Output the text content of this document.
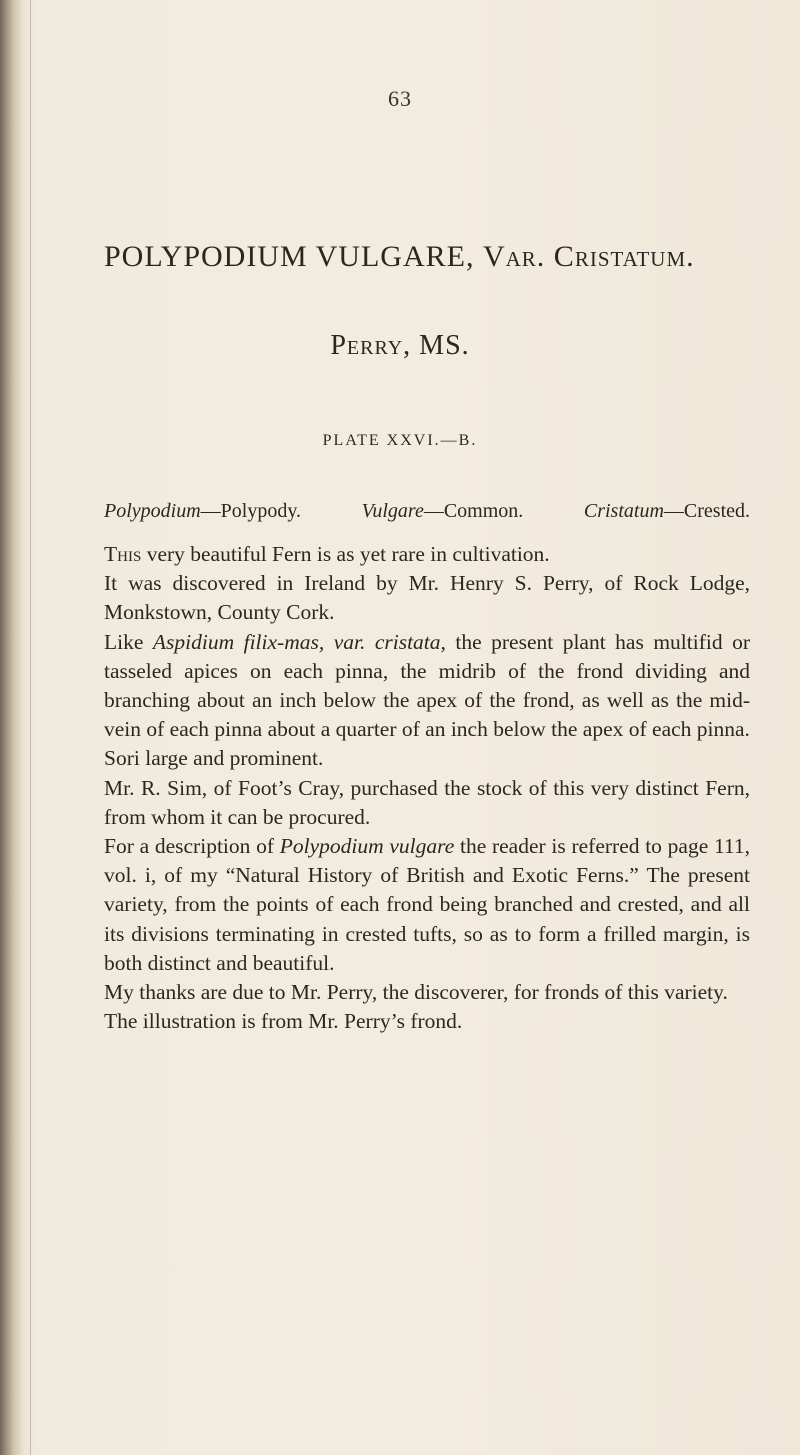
63
POLYPODIUM VULGARE, Var. Cristatum.
Perry, MS.
PLATE XXVI.—B.
Polypodium—Polypody.	Vulgare—Common.	Cristatum—Crested.

This very beautiful Fern is as yet rare in cultivation.

It was discovered in Ireland by Mr. Henry S. Perry, of Rock Lodge, Monkstown, County Cork.

Like Aspidium filix-mas, var. cristata, the present plant has multifid or tasseled apices on each pinna, the midrib of the frond dividing and branching about an inch below the apex of the frond, as well as the mid-vein of each pinna about a quarter of an inch below the apex of each pinna.

Sori large and prominent.

Mr. R. Sim, of Foot’s Cray, purchased the stock of this very distinct Fern, from whom it can be procured.

For a description of Polypodium vulgare the reader is referred to page 111, vol. i, of my “Natural History of British and Exotic Ferns.” The present variety, from the points of each frond being branched and crested, and all its divisions terminating in crested tufts, so as to form a frilled margin, is both distinct and beautiful.

My thanks are due to Mr. Perry, the discoverer, for fronds of this variety.

The illustration is from Mr. Perry’s frond.
